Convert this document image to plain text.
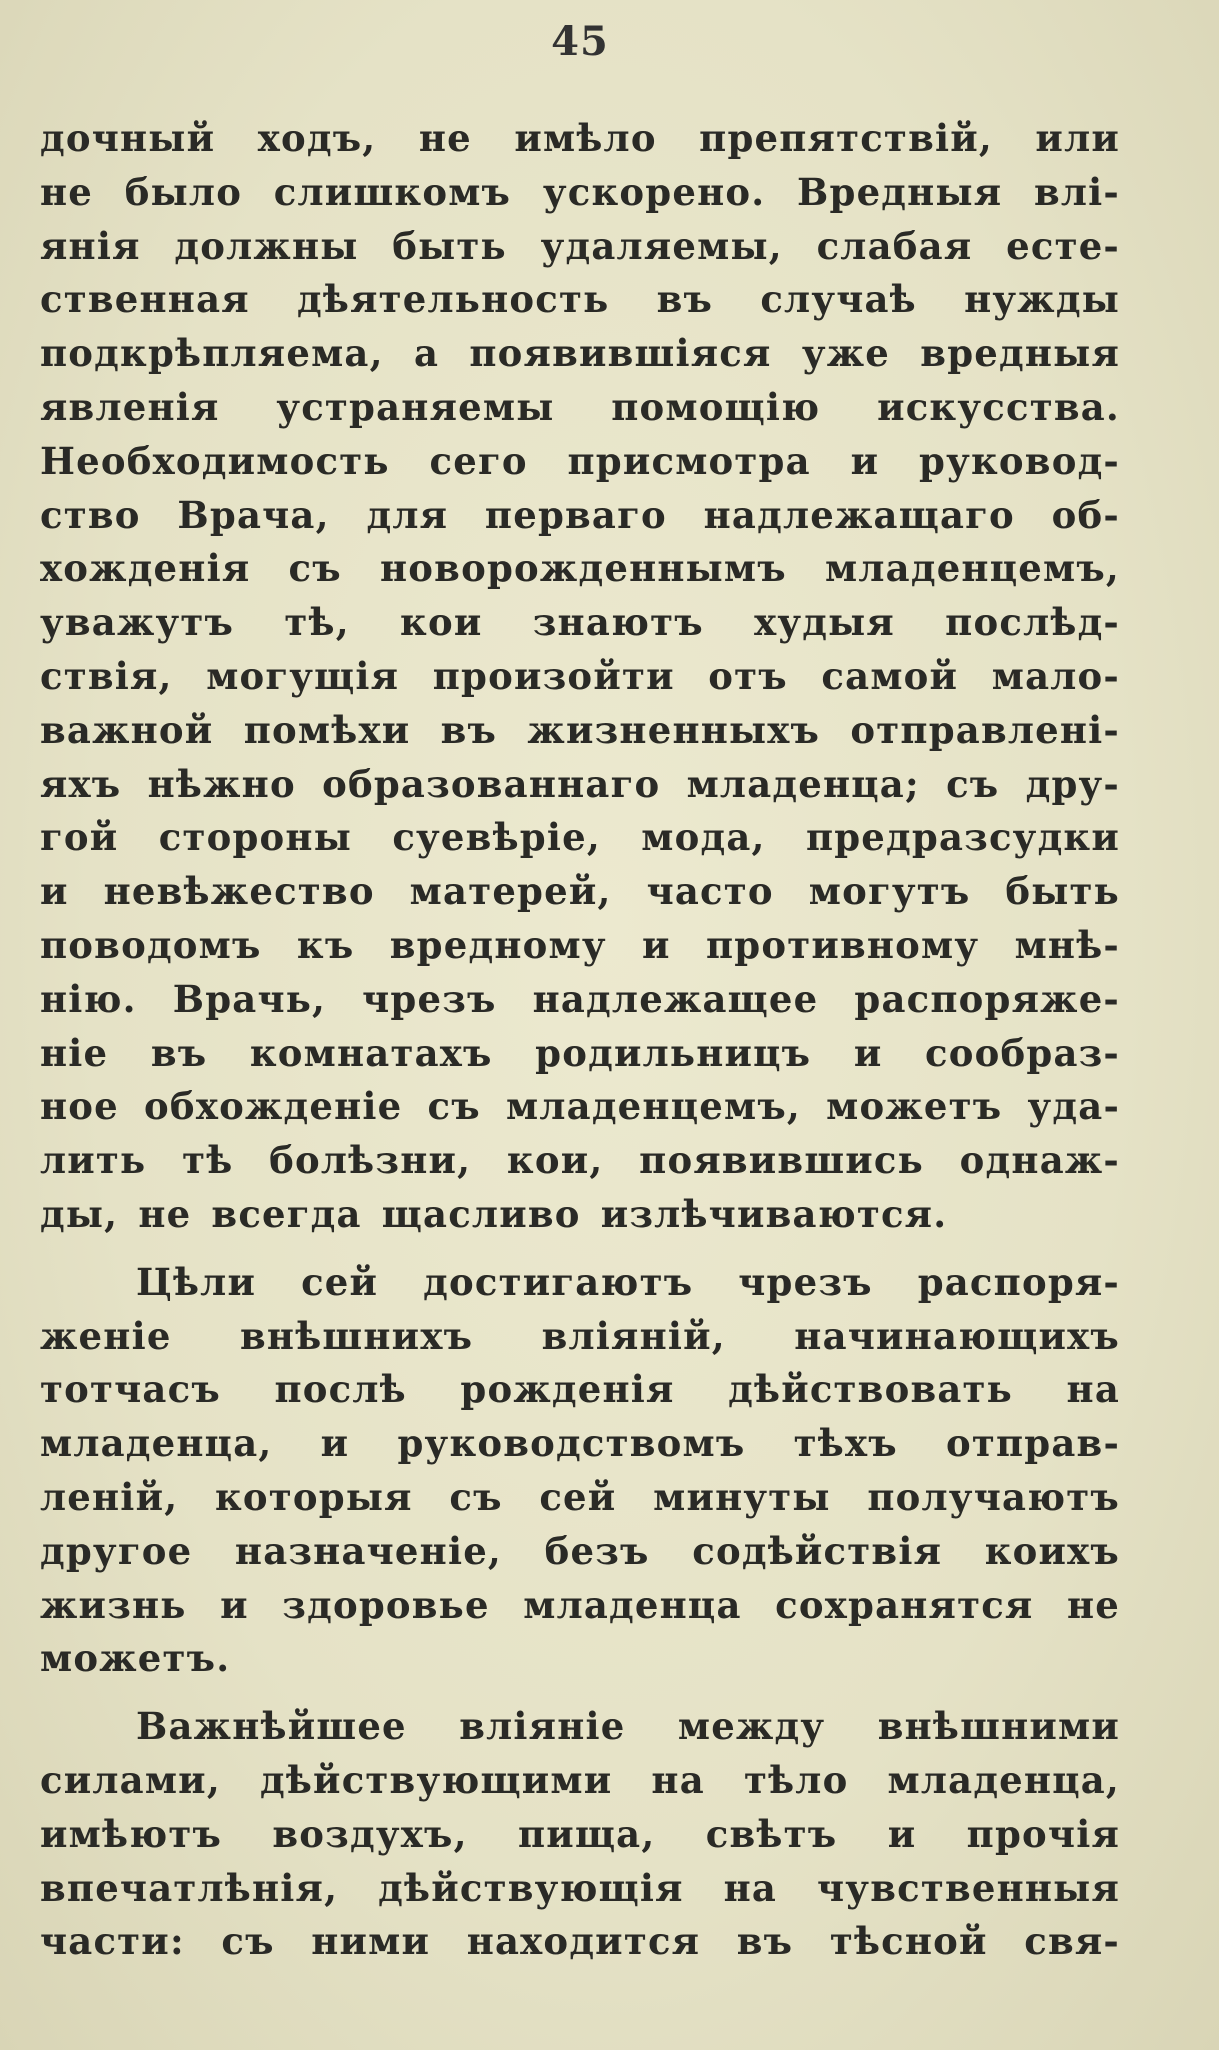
45
дочный ходъ, не имѣло препятствій, или
не было слишкомъ ускорено. Вредныя влі-
янія должны быть удаляемы, слабая есте-
ственная дѣятельность въ случаѣ нужды
подкрѣпляема, а появившіяся уже вредныя
явленія устраняемы помощію искусства.
Необходимость сего присмотра и руковод-
ство Врача, для перваго надлежащаго об-
хожденія съ новорожденнымъ младенцемъ,
уважутъ тѣ, кои знаютъ худыя послѣд-
ствія, могущія произойти отъ самой мало-
важной помѣхи въ жизненныхъ отправлені-
яхъ нѣжно образованнаго младенца; съ дру-
гой стороны суевѣріе, мода, предразсудки
и невѣжество матерей, часто могутъ быть
поводомъ къ вредному и противному мнѣ-
нію. Врачь, чрезъ надлежащее распоряже-
ніе въ комнатахъ родильницъ и сообраз-
ное обхожденіе съ младенцемъ, можетъ уда-
лить тѣ болѣзни, кои, появившись однаж-
ды, не всегда щасливо излѣчиваются.
Цѣли сей достигаютъ чрезъ распоря-
женіе внѣшнихъ вліяній, начинающихъ
тотчасъ послѣ рожденія дѣйствовать на
младенца, и руководствомъ тѣхъ отправ-
леній, которыя съ сей минуты получаютъ
другое назначеніе, безъ содѣйствія коихъ
жизнь и здоровье младенца сохранятся не
можетъ.
Важнѣйшее вліяніе между внѣшними
силами, дѣйствующими на тѣло младенца,
имѣютъ воздухъ, пища, свѣтъ и прочія
впечатлѣнія, дѣйствующія на чувственныя
части: съ ними находится въ тѣсной свя-
